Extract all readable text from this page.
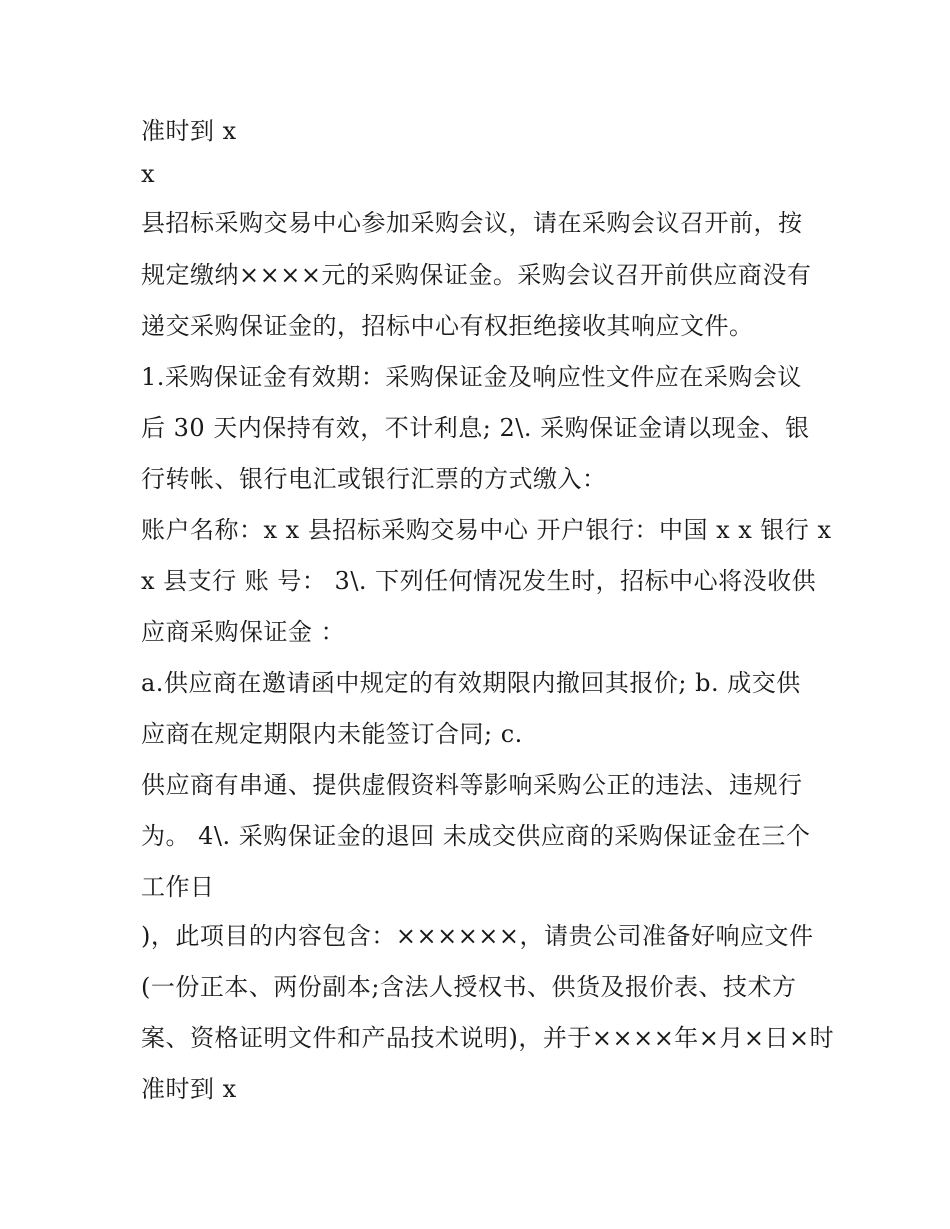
准时到 x
x
县招标采购交易中心参加采购会议，请在采购会议召开前，按
规定缴纳××××元的采购保证金。采购会议召开前供应商没有
递交采购保证金的，招标中心有权拒绝接收其响应文件。
1.采购保证金有效期：采购保证金及响应性文件应在采购会议
后 30 天内保持有效，不计利息; 2\. 采购保证金请以现金、银
行转帐、银行电汇或银行汇票的方式缴入：
账户名称：x x 县招标采购交易中心 开户银行：中国 x x 银行 x
x 县支行 账 号： 3\. 下列任何情况发生时，招标中心将没收供
应商采购保证金 ：
a.供应商在邀请函中规定的有效期限内撤回其报价; b. 成交供
应商在规定期限内未能签订合同; c.
供应商有串通、提供虚假资料等影响采购公正的违法、违规行
为。 4\. 采购保证金的退回 未成交供应商的采购保证金在三个
工作日
)，此项目的内容包含：××××××，请贵公司准备好响应文件
(一份正本、两份副本;含法人授权书、供货及报价表、技术方
案、资格证明文件和产品技术说明)，并于××××年×月×日×时
准时到 x
